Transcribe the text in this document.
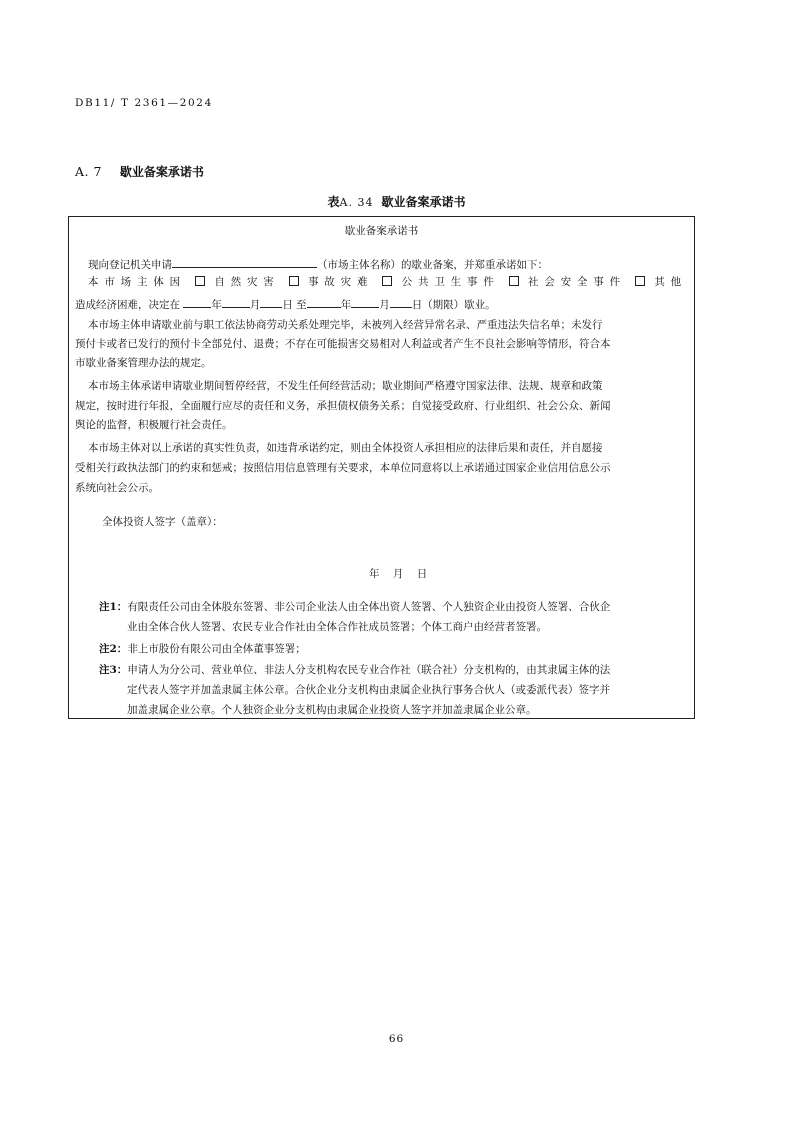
DB11/ T 2361—2024
A. 7 歇业备案承诺书
表A. 34 歇业备案承诺书
歇业备案承诺书
现向登记机关申请	（市场主体名称）的歇业备案，并郑重承诺如下：
本市场主体因	自然灾害	事故灾难	公共卫生事件	社会安全事件	其他
造成经济困难，决定在	年	月 日 至	年	月 日（期限）歇业。
本市场主体申请歇业前与职工依法协商劳动关系处理完毕，未被列入经营异常名录、严重违法失信名单；未发行
预付卡或者已发行的预付卡全部兑付、退费；不存在可能损害交易相对人利益或者产生不良社会影响等情形，符合本
市歇业备案管理办法的规定。
本市场主体承诺申请歇业期间暂停经营，不发生任何经营活动；歇业期间严格遵守国家法律、法规、规章和政策
规定，按时进行年报，全面履行应尽的责任和义务，承担债权债务关系；自觉接受政府、行业组织、社会公众、新闻
舆论的监督，积极履行社会责任。
本市场主体对以上承诺的真实性负责，如违背承诺约定，则由全体投资人承担相应的法律后果和责任，并自愿接
受相关行政执法部门的约束和惩戒；按照信用信息管理有关要求，本单位同意将以上承诺通过国家企业信用信息公示
系统向社会公示。
全体投资人签字（盖章）：
年    月    日
注1：有限责任公司由全体股东签署、非公司企业法人由全体出资人签署、个人独资企业由投资人签署、合伙企
业由全体合伙人签署、农民专业合作社由全体合作社成员签署；个体工商户由经营者签署。
注2：非上市股份有限公司由全体董事签署；
注3：申请人为分公司、营业单位、非法人分支机构农民专业合作社（联合社）分支机构的，由其隶属主体的法
定代表人签字并加盖隶属主体公章。合伙企业分支机构由隶属企业执行事务合伙人（或委派代表）签字并
加盖隶属企业公章。个人独资企业分支机构由隶属企业投资人签字并加盖隶属企业公章。
66
